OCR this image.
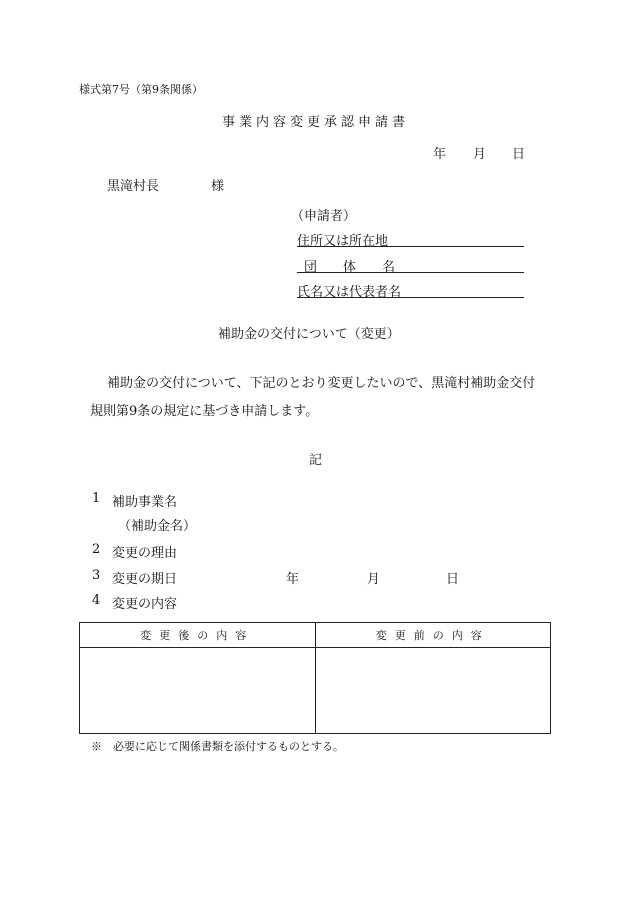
様式第7号（第9条関係）
事業内容変更承認申請書
年 月 日
黒滝村長	様
（申請者）
住所又は所在地
団　　体　　名
氏名又は代表者名
補助金の交付について（変更）
補助金の交付について、下記のとおり変更したいので、黒滝村補助金交付
規則第9条の規定に基づき申請します。
記
1 補助事業名
（補助金名）
2 変更の理由
3 変更の期日	年	月	日
4 変更の内容
変更後の内容	変更前の内容

※　必要に応じて関係書類を添付するものとする。
